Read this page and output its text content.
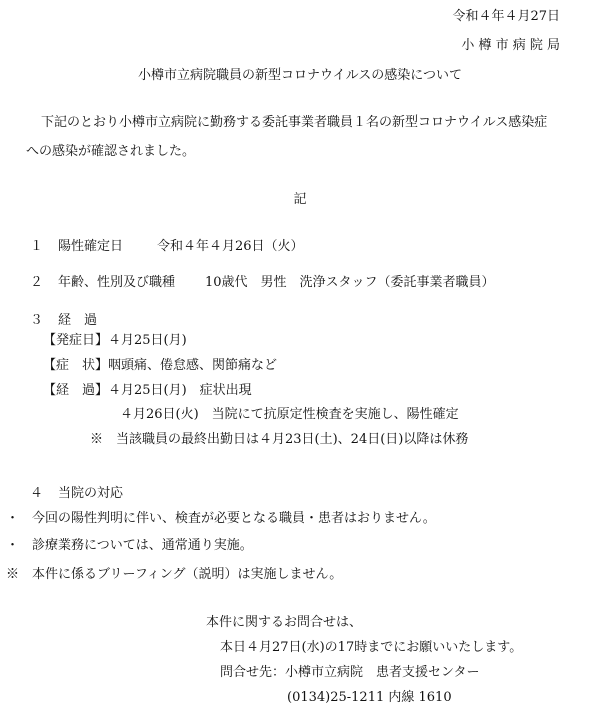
令和４年４月27日
小 樽 市 病 院 局
小樽市立病院職員の新型コロナウイルスの感染について
下記のとおり小樽市立病院に勤務する委託事業者職員１名の新型コロナウイルス感染症
への感染が確認されました。
記
１ 陽性確定日	令和４年４月26日（火）
２ 年齢、性別及び職種 10歳代　男性　洗浄スタッフ（委託事業者職員）
３ 経　過
【発症日】４月25日(月)
【症　状】咽頭痛、倦怠感、関節痛など
【経　過】４月25日(月)　症状出現
４月26日(火)　当院にて抗原定性検査を実施し、陽性確定
※　当該職員の最終出勤日は４月23日(土)、24日(日)以降は休務
４ 当院の対応
・　今回の陽性判明に伴い、検査が必要となる職員・患者はおりません。
・　診療業務については、通常通り実施。
※　本件に係るブリーフィング（説明）は実施しません。
本件に関するお問合せは、
本日４月27日(水)の17時までにお願いいたします。
問合せ先：小樽市立病院　患者支援センター
(0134)25-1211 内線 1610
